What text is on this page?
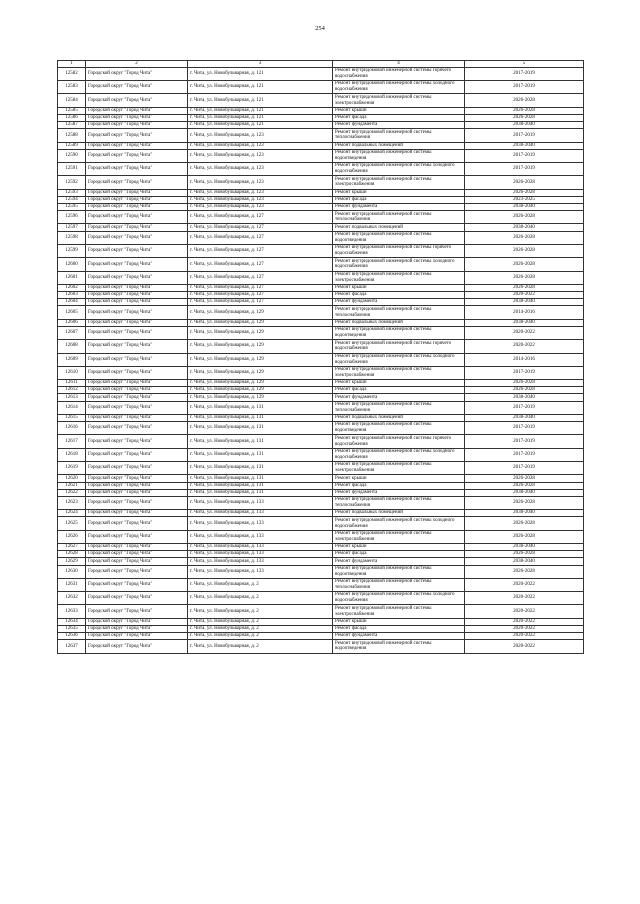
254
1	2	3	4	5
12582	Городской округ "Город Чита"	г. Чита, ул. Новобульварная, д. 121	Ремонт внутридомовой инженерной системы горячего водоснабжения	2017-2019
12583	Городской округ "Город Чита"	г. Чита, ул. Новобульварная, д. 121	Ремонт внутридомовой инженерной системы холодного водоснабжения	2017-2019
12584	Городской округ "Город Чита"	г. Чита, ул. Новобульварная, д. 121	Ремонт внутридомовой инженерной системы электроснабжения	2026-2028
12585	Городской округ "Город Чита"	г. Чита, ул. Новобульварная, д. 121	Ремонт крыши	2026-2028
12586	Городской округ "Город Чита"	г. Чита, ул. Новобульварная, д. 121	Ремонт фасада	2026-2028
12587	Городской округ "Город Чита"	г. Чита, ул. Новобульварная, д. 121	Ремонт фундамента	2038-2040
12588	Городской округ "Город Чита"	г. Чита, ул. Новобульварная, д. 123	Ремонт внутридомовой инженерной системы теплоснабжения	2017-2019
12589	Городской округ "Город Чита"	г. Чита, ул. Новобульварная, д. 123	Ремонт подвальных помещений	2038-2040
12590	Городской округ "Город Чита"	г. Чита, ул. Новобульварная, д. 123	Ремонт внутридомовой инженерной системы водоотведения	2017-2019
12591	Городской округ "Город Чита"	г. Чита, ул. Новобульварная, д. 123	Ремонт внутридомовой инженерной системы холодного водоснабжения	2017-2019
12592	Городской округ "Город Чита"	г. Чита, ул. Новобульварная, д. 123	Ремонт внутридомовой инженерной системы электроснабжения	2026-2028
12593	Городской округ "Город Чита"	г. Чита, ул. Новобульварная, д. 123	Ремонт крыши	2026-2028
12594	Городской округ "Город Чита"	г. Чита, ул. Новобульварная, д. 123	Ремонт фасада	2023-2025
12595	Городской округ "Город Чита"	г. Чита, ул. Новобульварная, д. 123	Ремонт фундамента	2038-2040
12596	Городской округ "Город Чита"	г. Чита, ул. Новобульварная, д. 127	Ремонт внутридомовой инженерной системы теплоснабжения	2026-2028
12597	Городской округ "Город Чита"	г. Чита, ул. Новобульварная, д. 127	Ремонт подвальных помещений	2038-2040
12598	Городской округ "Город Чита"	г. Чита, ул. Новобульварная, д. 127	Ремонт внутридомовой инженерной системы водоотведения	2026-2028
12599	Городской округ "Город Чита"	г. Чита, ул. Новобульварная, д. 127	Ремонт внутридомовой инженерной системы горячего водоснабжения	2026-2028
12600	Городской округ "Город Чита"	г. Чита, ул. Новобульварная, д. 127	Ремонт внутридомовой инженерной системы холодного водоснабжения	2026-2028
12601	Городской округ "Город Чита"	г. Чита, ул. Новобульварная, д. 127	Ремонт внутридомовой инженерной системы электроснабжения	2026-2028
12602	Городской округ "Город Чита"	г. Чита, ул. Новобульварная, д. 127	Ремонт крыши	2026-2028
12603	Городской округ "Город Чита"	г. Чита, ул. Новобульварная, д. 127	Ремонт фасада	2020-2022
12604	Городской округ "Город Чита"	г. Чита, ул. Новобульварная, д. 127	Ремонт фундамента	2038-2040
12605	Городской округ "Город Чита"	г. Чита, ул. Новобульварная, д. 129	Ремонт внутридомовой инженерной системы теплоснабжения	2014-2016
12606	Городской округ "Город Чита"	г. Чита, ул. Новобульварная, д. 129	Ремонт подвальных помещений	2038-2040
12607	Городской округ "Город Чита"	г. Чита, ул. Новобульварная, д. 129	Ремонт внутридомовой инженерной системы водоотведения	2020-2022
12608	Городской округ "Город Чита"	г. Чита, ул. Новобульварная, д. 129	Ремонт внутридомовой инженерной системы горячего водоснабжения	2020-2022
12609	Городской округ "Город Чита"	г. Чита, ул. Новобульварная, д. 129	Ремонт внутридомовой инженерной системы холодного водоснабжения	2014-2016
12610	Городской округ "Город Чита"	г. Чита, ул. Новобульварная, д. 129	Ремонт внутридомовой инженерной системы электроснабжения	2017-2019
12611	Городской округ "Город Чита"	г. Чита, ул. Новобульварная, д. 129	Ремонт крыши	2026-2028
12612	Городской округ "Город Чита"	г. Чита, ул. Новобульварная, д. 129	Ремонт фасада	2026-2028
12613	Городской округ "Город Чита"	г. Чита, ул. Новобульварная, д. 129	Ремонт фундамента	2038-2040
12614	Городской округ "Город Чита"	г. Чита, ул. Новобульварная, д. 131	Ремонт внутридомовой инженерной системы теплоснабжения	2017-2019
12615	Городской округ "Город Чита"	г. Чита, ул. Новобульварная, д. 131	Ремонт подвальных помещений	2038-2040
12616	Городской округ "Город Чита"	г. Чита, ул. Новобульварная, д. 131	Ремонт внутридомовой инженерной системы водоотведения	2017-2019
12617	Городской округ "Город Чита"	г. Чита, ул. Новобульварная, д. 131	Ремонт внутридомовой инженерной системы горячего водоснабжения	2017-2019
12618	Городской округ "Город Чита"	г. Чита, ул. Новобульварная, д. 131	Ремонт внутридомовой инженерной системы холодного водоснабжения	2017-2019
12619	Городской округ "Город Чита"	г. Чита, ул. Новобульварная, д. 131	Ремонт внутридомовой инженерной системы электроснабжения	2017-2019
12620	Городской округ "Город Чита"	г. Чита, ул. Новобульварная, д. 131	Ремонт крыши	2026-2028
12621	Городской округ "Город Чита"	г. Чита, ул. Новобульварная, д. 131	Ремонт фасада	2026-2028
12622	Городской округ "Город Чита"	г. Чита, ул. Новобульварная, д. 131	Ремонт фундамента	2038-2040
12623	Городской округ "Город Чита"	г. Чита, ул. Новобульварная, д. 133	Ремонт внутридомовой инженерной системы теплоснабжения	2026-2028
12624	Городской округ "Город Чита"	г. Чита, ул. Новобульварная, д. 133	Ремонт подвальных помещений	2038-2040
12625	Городской округ "Город Чита"	г. Чита, ул. Новобульварная, д. 133	Ремонт внутридомовой инженерной системы холодного водоснабжения	2026-2028
12626	Городской округ "Город Чита"	г. Чита, ул. Новобульварная, д. 133	Ремонт внутридомовой инженерной системы электроснабжения	2026-2028
12627	Городской округ "Город Чита"	г. Чита, ул. Новобульварная, д. 133	Ремонт крыши	2038-2040
12628	Городской округ "Город Чита"	г. Чита, ул. Новобульварная, д. 133	Ремонт фасада	2026-2028
12629	Городской округ "Город Чита"	г. Чита, ул. Новобульварная, д. 133	Ремонт фундамента	2038-2040
12630	Городской округ "Город Чита"	г. Чита, ул. Новобульварная, д. 133	Ремонт внутридомовой инженерной системы водоотведения	2026-2028
12631	Городской округ "Город Чита"	г. Чита, ул. Новобульварная, д. 2	Ремонт внутридомовой инженерной системы теплоснабжения	2020-2022
12632	Городской округ "Город Чита"	г. Чита, ул. Новобульварная, д. 2	Ремонт внутридомовой инженерной системы холодного водоснабжения	2020-2022
12633	Городской округ "Город Чита"	г. Чита, ул. Новобульварная, д. 2	Ремонт внутридомовой инженерной системы электроснабжения	2020-2022
12634	Городской округ "Город Чита"	г. Чита, ул. Новобульварная, д. 2	Ремонт крыши	2020-2022
12635	Городской округ "Город Чита"	г. Чита, ул. Новобульварная, д. 2	Ремонт фасада	2020-2022
12636	Городской округ "Город Чита"	г. Чита, ул. Новобульварная, д. 2	Ремонт фундамента	2020-2022
12637	Городской округ "Город Чита"	г. Чита, ул. Новобульварная, д. 2	Ремонт внутридомовой инженерной системы водоотведения	2020-2022
